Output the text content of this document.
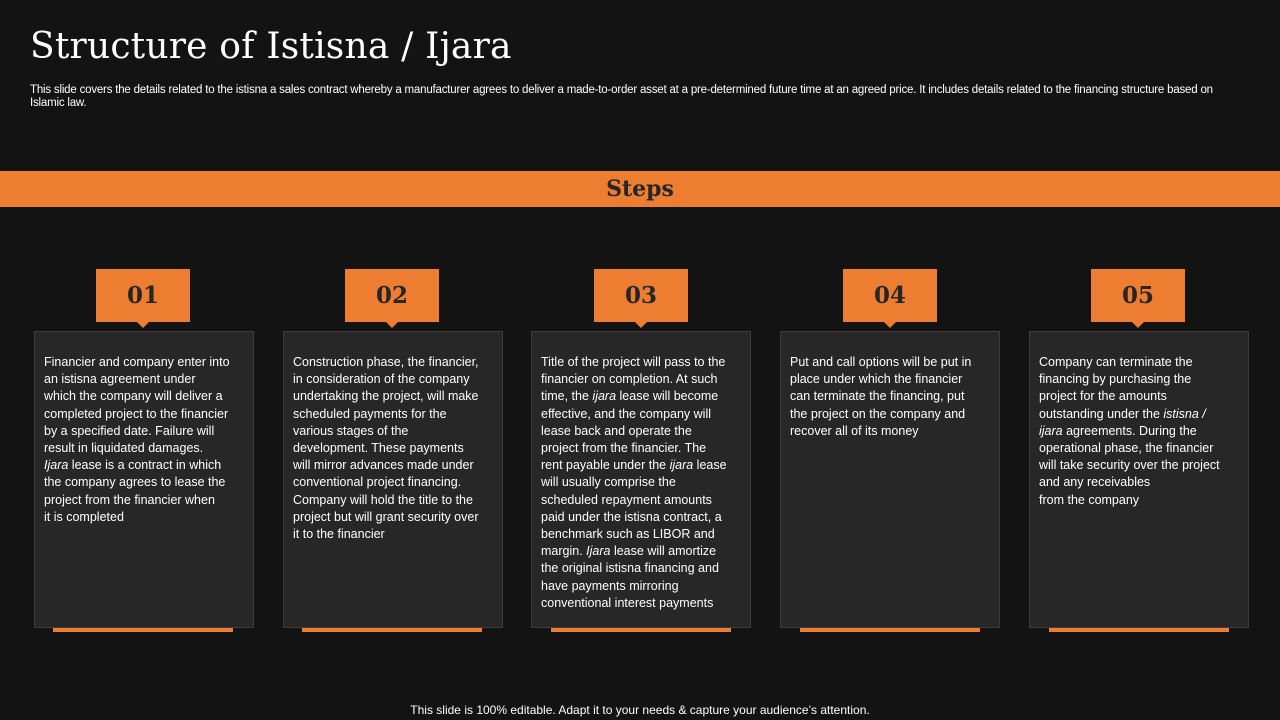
Structure of Istisna / Ijara

This slide covers the details related to the istisna a sales contract whereby a manufacturer agrees to deliver a made-to-order asset at a pre-determined future time at an agreed price. It includes details related to the financing structure based on Islamic law.

Steps
01
Financier and company enter into
an istisna agreement under
which the company will deliver a
completed project to the financier
by a specified date. Failure will
result in liquidated damages.
Ijara lease is a contract in which
the company agrees to lease the
project from the financier when
it is completed
02
Construction phase, the financier,
in consideration of the company
undertaking the project, will make
scheduled payments for the
various stages of the
development. These payments
will mirror advances made under
conventional project financing.
Company will hold the title to the
project but will grant security over
it to the financier
03
Title of the project will pass to the
financier on completion. At such
time, the ijara lease will become
effective, and the company will
lease back and operate the
project from the financier. The
rent payable under the ijara lease
will usually comprise the
scheduled repayment amounts
paid under the istisna contract, a
benchmark such as LIBOR and
margin. Ijara lease will amortize
the original istisna financing and
have payments mirroring
conventional interest payments
04
Put and call options will be put in
place under which the financier
can terminate the financing, put
the project on the company and
recover all of its money
05
Company can terminate the
financing by purchasing the
project for the amounts
outstanding under the istisna /
ijara agreements. During the
operational phase, the financier
will take security over the project
and any receivables
from the company
This slide is 100% editable. Adapt it to your needs & capture your audience’s attention.
